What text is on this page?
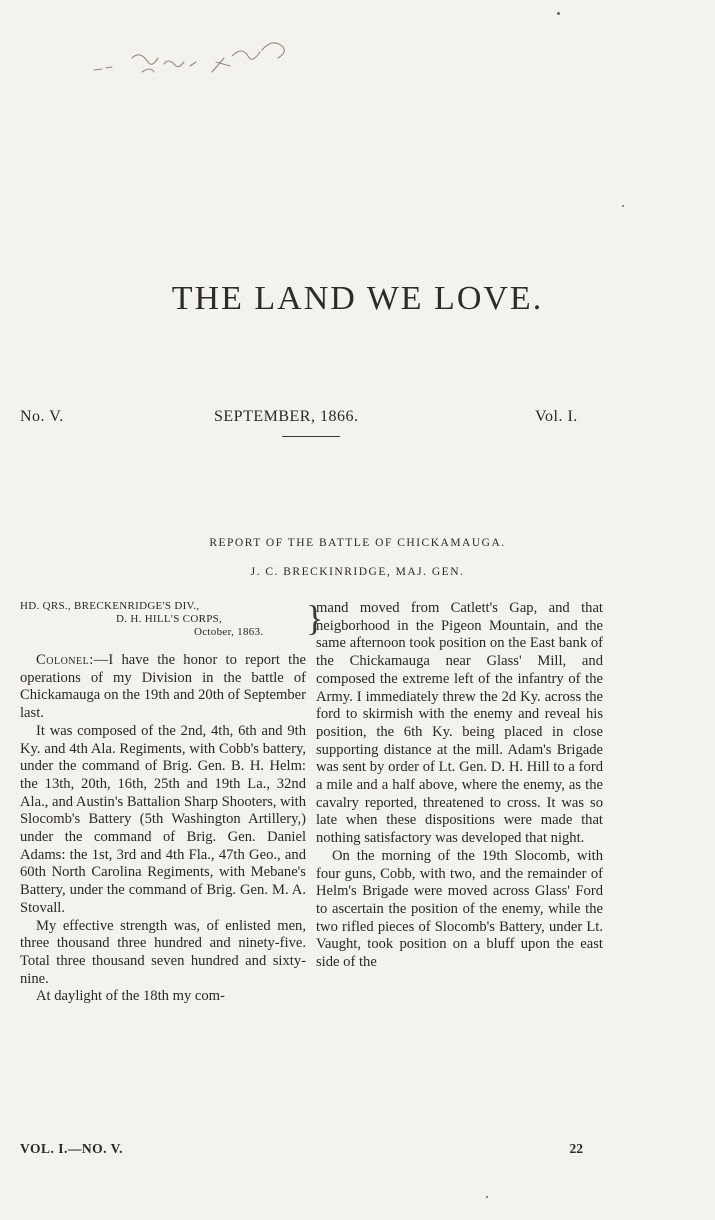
THE LAND WE LOVE.
No. V.	SEPTEMBER, 1866.	Vol. I.
REPORT OF THE BATTLE OF CHICKAMAUGA.
J. C. BRECKINRIDGE, MAJ. GEN.
HD. QRS., BRECKENRIDGE'S DIV.,
D. H. HILL'S CORPS,
October, 1863. }

Colonel:—I have the honor to report the operations of my Division in the battle of Chickamauga on the 19th and 20th of September last.

It was composed of the 2nd, 4th, 6th and 9th Ky. and 4th Ala. Regiments, with Cobb's battery, under the command of Brig. Gen. B. H. Helm: the 13th, 20th, 16th, 25th and 19th La., 32nd Ala., and Austin's Battalion Sharp Shooters, with Slocomb's Battery (5th Washington Artillery,) under the command of Brig. Gen. Daniel Adams: the 1st, 3rd and 4th Fla., 47th Geo., and 60th North Carolina Regiments, with Mebane's Battery, under the command of Brig. Gen. M. A. Stovall.

My effective strength was, of enlisted men, three thousand three hundred and ninety-five. Total three thousand seven hundred and sixty-nine.

At daylight of the 18th my com-

mand moved from Catlett's Gap, and that neigborhood in the Pigeon Mountain, and the same afternoon took position on the East bank of the Chickamauga near Glass' Mill, and composed the extreme left of the infantry of the Army. I immediately threw the 2d Ky. across the ford to skirmish with the enemy and reveal his position, the 6th Ky. being placed in close supporting distance at the mill. Adam's Brigade was sent by order of Lt. Gen. D. H. Hill to a ford a mile and a half above, where the enemy, as the cavalry reported, threatened to cross. It was so late when these dispositions were made that nothing satisfactory was developed that night.

On the morning of the 19th Slocomb, with four guns, Cobb, with two, and the remainder of Helm's Brigade were moved across Glass' Ford to ascertain the position of the enemy, while the two rifled pieces of Slocomb's Battery, under Lt. Vaught, took position on a bluff upon the east side of the

VOL. I.—NO. V.	22
